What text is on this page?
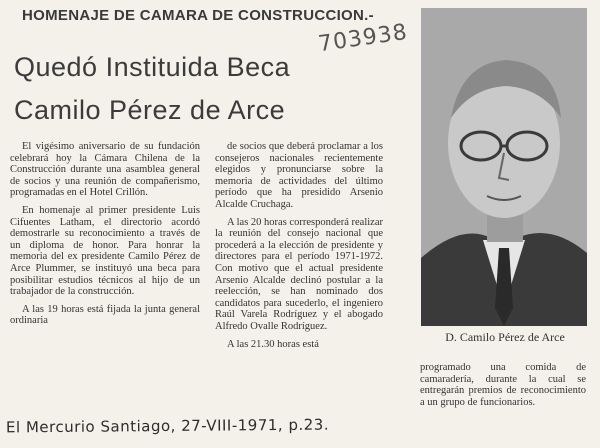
HOMENAJE DE CAMARA DE CONSTRUCCION.-
703938
Quedó Instituida Beca
Camilo Pérez de Arce

El vigésimo aniversario de su fundación celebrará hoy la Cámara Chilena de la Construcción durante una asamblea general de socios y una reunión de compañerismo, programadas en el Hotel Crillón.

En homenaje al primer presidente Luis Cifuentes Latham, el directorio acordó demostrarle su reconocimiento a través de un diploma de honor. Para honrar la memoria del ex presidente Camilo Pérez de Arce Plummer, se instituyó una beca para posibilitar estudios técnicos al hijo de un trabajador de la construcción.

A las 19 horas está fijada la junta general ordinaria

de socios que deberá proclamar a los consejeros nacionales recientemente elegidos y pronunciarse sobre la memoria de actividades del último período que ha presidido Arsenio Alcalde Cruchaga.

A las 20 horas corresponderá realizar la reunión del consejo nacional que procederá a la elección de presidente y directores para el período 1971-1972. Con motivo que el actual presidente Arsenio Alcalde declinó postular a la reelección, se han nominado dos candidatos para sucederlo, el ingeniero Raúl Varela Rodríguez y el abogado Alfredo Ovalle Rodríguez.

A las 21.30 horas está	D. Camilo Pérez de Arce
programado una comida de camaradería, durante la cual se entregarán premios de reconocimiento a un grupo de funcionarios.
El Mercurio Santiago, 27-VIII-1971, p.23.
